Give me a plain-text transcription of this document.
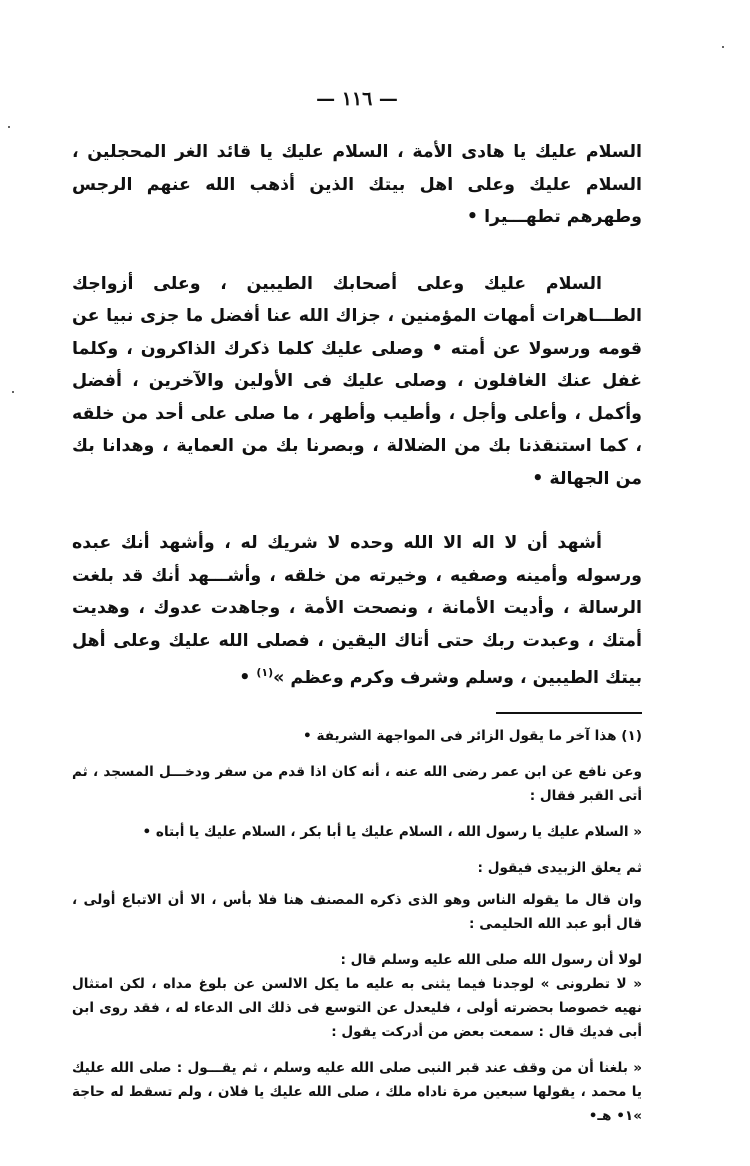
— ١١٦ —

السلام عليك يا هادى الأمة ، السلام عليك يا قائد الغر المحجلين ، السلام عليك وعلى اهل بيتك الذين أذهب الله عنهم الرجس وطهرهم تطهـــيرا •

السلام عليك وعلى أصحابك الطيبين ، وعلى أزواجك الطـــاهرات أمهات المؤمنين ، جزاك الله عنا أفضل ما جزى نبيا عن قومه ورسولا عن أمته • وصلى عليك كلما ذكرك الذاكرون ، وكلما غفل عنك الغافلون ، وصلى عليك فى الأولين والآخرين ، أفضل وأكمل ، وأعلى وأجل ، وأطيب وأطهر ، ما صلى على أحد من خلقه ، كما استنقذنا بك من الضلالة ، وبصرنا بك من العماية ، وهدانا بك من الجهالة •

أشهد أن لا اله الا الله وحده لا شريك له ، وأشهد أنك عبده ورسوله وأمينه وصفيه ، وخيرته من خلقه ، وأشـــهد أنك قد بلغت الرسالة ، وأديت الأمانة ، ونصحت الأمة ، وجاهدت عدوك ، وهديت أمتك ، وعبدت ربك حتى أتاك اليقين ، فصلى الله عليك وعلى أهل بيتك الطيبين ، وسلم وشرف وكرم وعظم »$^{(١)}$ •

(١) هذا آخر ما يقول الزائر فى المواجهة الشريفة •

وعن نافع عن ابن عمر رضى الله عنه ، أنه كان اذا قدم من سفر ودخـــل المسجد ، ثم أتى القبر فقال :

« السلام عليك يا رسول الله ، السلام عليك يا أبا بكر ، السلام عليك يا أبتاه •

ثم يعلق الزبيدى فيقول :

وان قال ما يقوله الناس وهو الذى ذكره المصنف هنا فلا بأس ، الا أن الاتباع أولى ، قال أبو عبد الله الحليمى :

لولا أن رسول الله صلى الله عليه وسلم قال :

« لا تطرونى » لوجدنا فيما يثنى به عليه ما يكل الالسن عن بلوغ مداه ، لكن امتثال نهيه خصوصا بحضرته أولى ، فليعدل عن التوسع فى ذلك الى الدعاء له ، فقد روى ابن أبى فديك قال : سمعت بعض من أدركت يقول :

« بلغنا أن من وقف عند قبر النبى صلى الله عليه وسلم ، ثم يقـــول : صلى الله عليك يا محمد ، يقولها سبعين مرة ناداه ملك ، صلى الله عليك يا فلان ، ولم تسقط له حاجة »١• هـ•
